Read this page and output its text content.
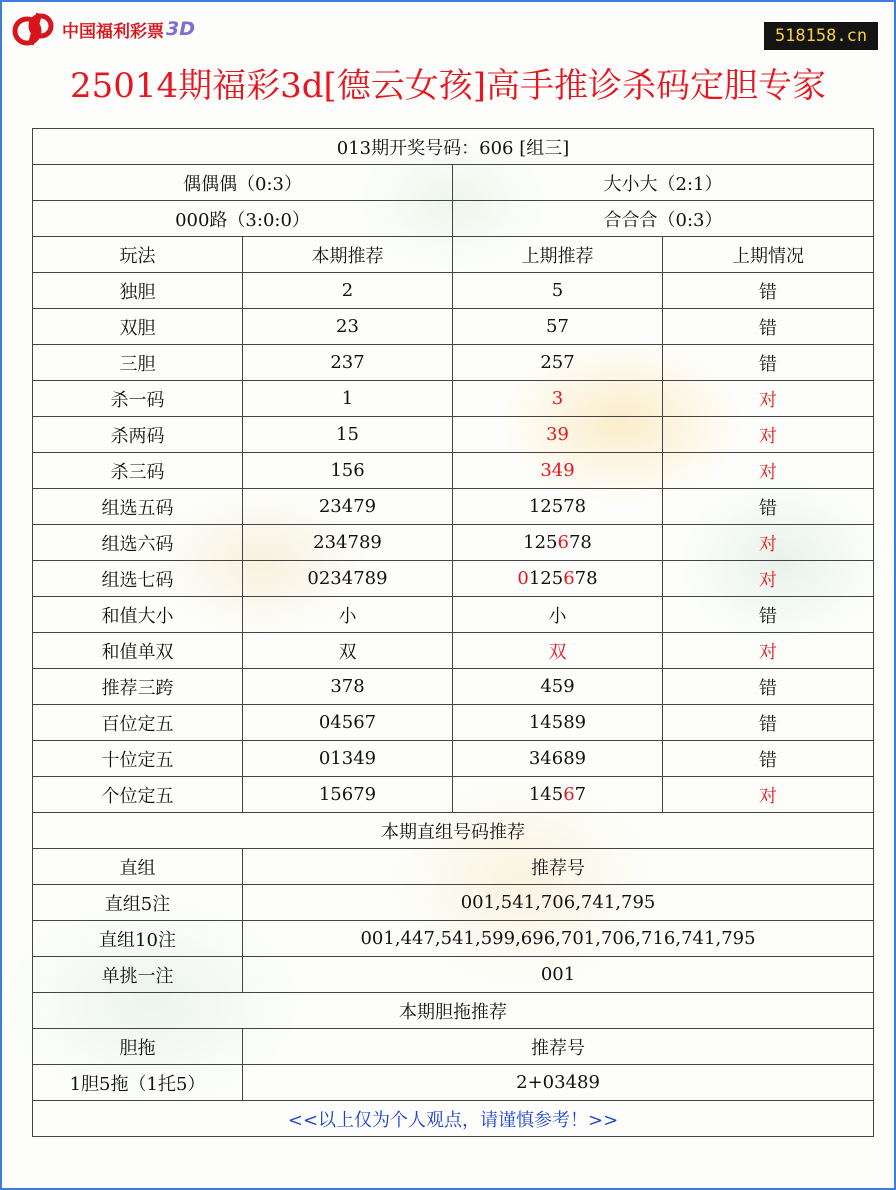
中国福利彩票 3D	518158.cn
25014期福彩3d[德云女孩]高手推诊杀码定胆专家
013期开奖号码：606 [组三]			
偶偶偶（0:3）		大小大（2:1）	
000路（3:0:0）		合合合（0:3）	
玩法	本期推荐	上期推荐	上期情况
独胆	2	5	错
双胆	23	57	错
三胆	237	257	错
杀一码	1	3	对
杀两码	15	39	对
杀三码	156	349	对
组选五码	23479	12578	错
组选六码	234789	125678	对
组选七码	0234789	0125678	对
和值大小	小	小	错
和值单双	双	双	对
推荐三跨	378	459	错
百位定五	04567	14589	错
十位定五	01349	34689	错
个位定五	15679	14567	对
本期直组号码推荐			
直组	推荐号		
直组5注	001,541,706,741,795		
直组10注	001,447,541,599,696,701,706,716,741,795		
单挑一注	001		
本期胆拖推荐			
胆拖	推荐号		
1胆5拖（1托5）	2+03489		
<<以上仅为个人观点，请谨慎参考！>>			
